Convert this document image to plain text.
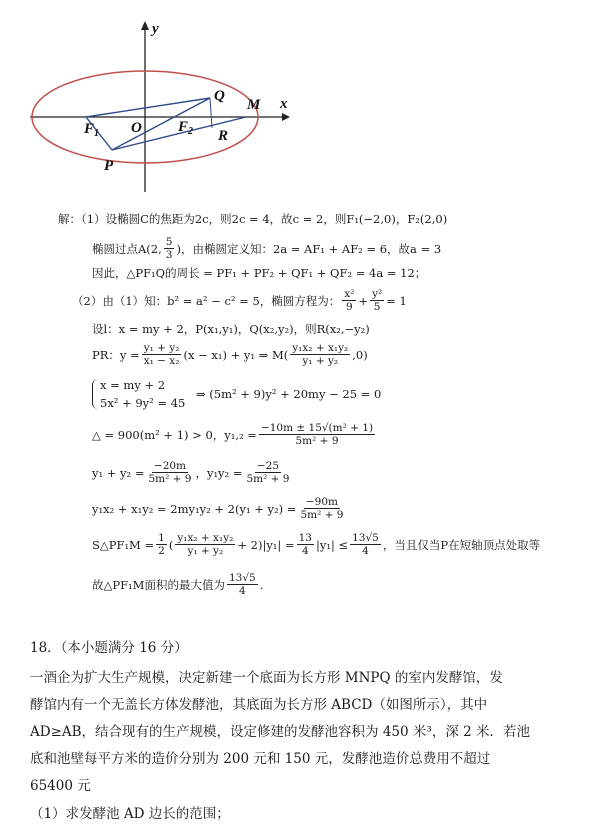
y
x
O
Q
M
$F_1$	$F_2$ R
P
解：（1）设椭圆C的焦距为2c，则2c = 4，故c = 2，则F₁(−2,0)，F₂(2,0)
椭圆过点A(2, $\frac{5}{3}$ )，由椭圆定义知：2a = AF₁ + AF₂ = 6，故a = 3
因此，△PF₁Q的周长 = PF₁ + PF₂ + QF₁ + QF₂ = 4a = 12；
（2）由（1）知：b² = a² − c² = 5，椭圆方程为： $\frac{\text{x²}}{9} + \frac{\text{y²}}{5} = 1$
设l：x = my + 2，P(x₁,y₁)，Q(x₂,y₂)，则R(x₂,−y₂)
PR：$y = \frac{\text{y₁ + y₂}}{\text{x₁ − x₂}} (x - x_1) + y_1$ ⇒ $M( \frac{\text{y₁x₂ + x₁y₂}}{\text{y₁ + y₂}} ,0)$
x = my + 2
5x² + 9y² = 45
⇒ (5m² + 9)y² + 20my − 25 = 0
△ = 900(m² + 1) > 0，$y_1,_2 = \frac{\text{−10m ± 15√(m² + 1)}}{\text{5m² + 9}}$
$y_1 + y_2 = \frac{-20m}{\text{5m² + 9}}$ ，$y_1y_2 = \frac{-25}{\text{5m² + 9}}$
$y_1x_2 + x_1y_2 = 2my_1y_2 + 2(y_1 + y_2) = \frac{-90m}{\text{5m² + 9}}$
S△PF₁M = $\frac{1}{2}$ ( $\frac{\text{y₁x₂ + x₁y₂}}{\text{y₁ + y₂}} + 2)|y_1| = \frac{13}{4} |y_1| \le \frac{13√5}{4}$ ，当且仅当P在短轴顶点处取等
故△PF₁M面积的最大值为 $\frac{13√5}{4}$ .
18．（本小题满分 16 分）
一酒企为扩大生产规模，决定新建一个底面为长方形 MNPQ 的室内发酵馆，发
酵馆内有一个无盖长方体发酵池，其底面为长方形 ABCD（如图所示），其中
AD≥AB，结合现有的生产规模，设定修建的发酵池容积为 450 米³，深 2 米．若池
底和池壁每平方米的造价分别为 200 元和 150 元，发酵池造价总费用不超过
65400 元
（1）求发酵池 AD 边长的范围；
